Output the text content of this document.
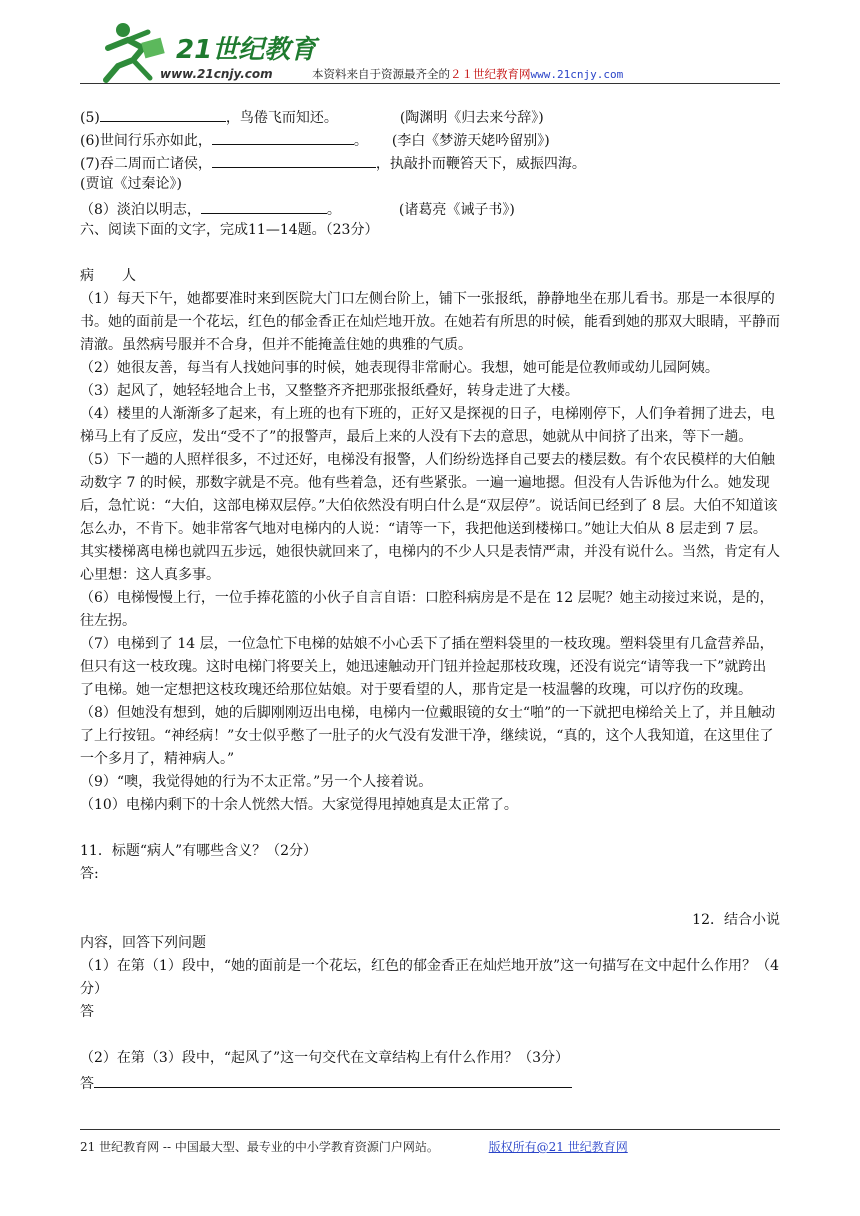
21世纪教育
www.21cnjy.com	本资料来自于资源最齐全的２１世纪教育网www.21cnjy.com
(5)	，鸟倦飞而知还。	(陶渊明《归去来兮辞》)
(6)世间行乐亦如此，	。 (李白《梦游天姥吟留别》)
(7)吞二周而亡诸侯，	，执敲扑而鞭笞天下，威振四海。
(贾谊《过秦论》)
（8）淡泊以明志，	。	(诸葛亮《诫子书》)
六、阅读下面的文字，完成11—14题。（23分）
病　　人
（1）每天下午，她都要准时来到医院大门口左侧台阶上，铺下一张报纸，静静地坐在那儿看书。那是一本很厚的书。她的面前是一个花坛，红色的郁金香正在灿烂地开放。在她若有所思的时候，能看到她的那双大眼睛，平静而清澈。虽然病号服并不合身，但并不能掩盖住她的典雅的气质。
（2）她很友善，每当有人找她问事的时候，她表现得非常耐心。我想，她可能是位教师或幼儿园阿姨。
（3）起风了，她轻轻地合上书，又整整齐齐把那张报纸叠好，转身走进了大楼。
（4）楼里的人渐渐多了起来，有上班的也有下班的，正好又是探视的日子，电梯刚停下，人们争着拥了进去，电梯马上有了反应，发出“受不了”的报警声，最后上来的人没有下去的意思，她就从中间挤了出来，等下一趟。
（5）下一趟的人照样很多，不过还好，电梯没有报警，人们纷纷选择自己要去的楼层数。有个农民模样的大伯触动数字 7 的时候，那数字就是不亮。他有些着急，还有些紧张。一遍一遍地摁。但没有人告诉他为什么。她发现后，急忙说：“大伯，这部电梯双层停。”大伯依然没有明白什么是“双层停”。说话间已经到了 8 层。大伯不知道该怎么办，不肯下。她非常客气地对电梯内的人说：“请等一下，我把他送到楼梯口。”她让大伯从 8 层走到 7 层。其实楼梯离电梯也就四五步远，她很快就回来了，电梯内的不少人只是表情严肃，并没有说什么。当然，肯定有人心里想：这人真多事。
（6）电梯慢慢上行，一位手捧花篮的小伙子自言自语：口腔科病房是不是在 12 层呢？她主动接过来说，是的，往左拐。
（7）电梯到了 14 层，一位急忙下电梯的姑娘不小心丢下了插在塑料袋里的一枝玫瑰。塑料袋里有几盒营养品，但只有这一枝玫瑰。这时电梯门将要关上，她迅速触动开门钮并捡起那枝玫瑰，还没有说完“请等我一下”就跨出了电梯。她一定想把这枝玫瑰还给那位姑娘。对于要看望的人，那肯定是一枝温馨的玫瑰，可以疗伤的玫瑰。
（8）但她没有想到，她的后脚刚刚迈出电梯，电梯内一位戴眼镜的女士“啪”的一下就把电梯给关上了，并且触动了上行按钮。“神经病！”女士似乎憋了一肚子的火气没有发泄干净，继续说，“真的，这个人我知道，在这里住了一个多月了，精神病人。”
（9）“噢，我觉得她的行为不太正常。”另一个人接着说。
（10）电梯内剩下的十余人恍然大悟。大家觉得甩掉她真是太正常了。
11．标题“病人”有哪些含义？（2分）
答:
12．结合小说
内容，回答下列问题
（1）在第（1）段中，“她的面前是一个花坛，红色的郁金香正在灿烂地开放”这一句描写在文中起什么作用？（4分）
答
（2）在第（3）段中，“起风了”这一句交代在文章结构上有什么作用？（3分）
答
21 世纪教育网 -- 中国最大型、最专业的中小学教育资源门户网站。	版权所有@21 世纪教育网
